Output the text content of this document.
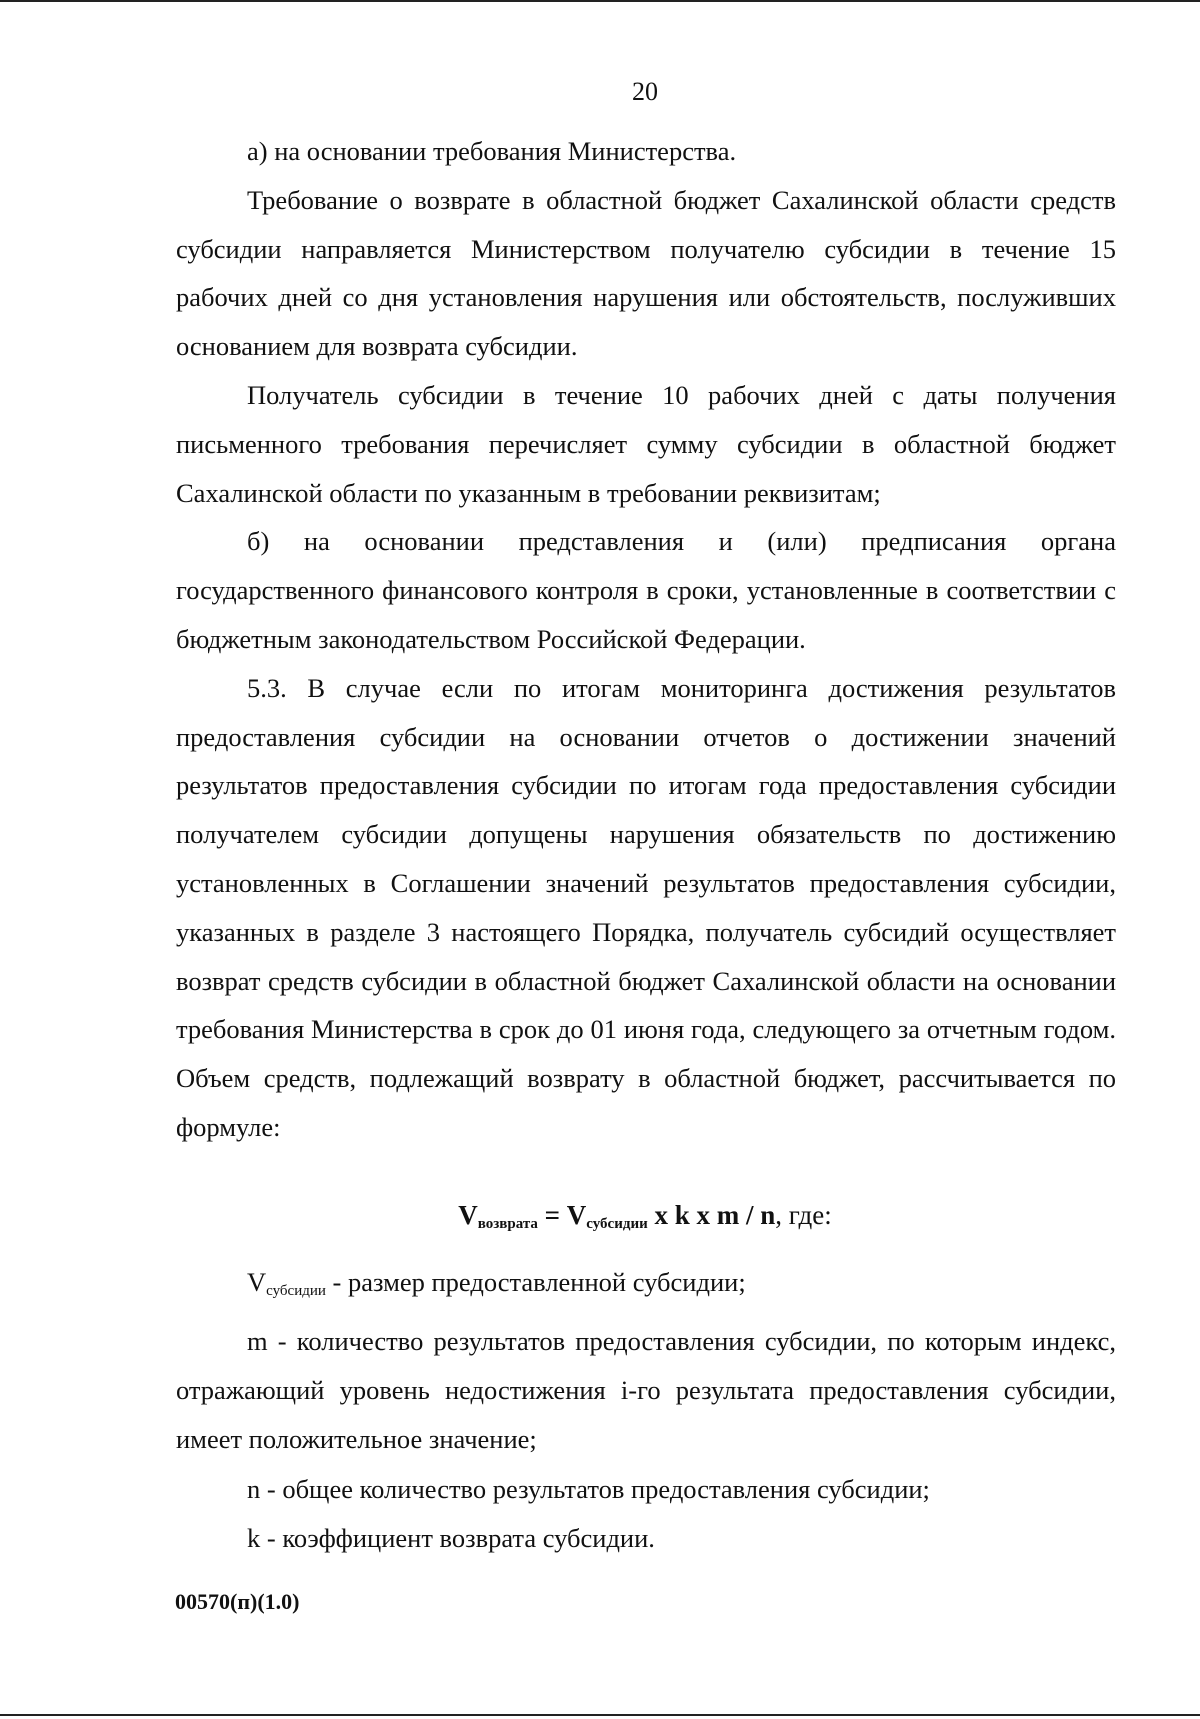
20

а) на основании требования Министерства.

Требование о возврате в областной бюджет Сахалинской области средств субсидии направляется Министерством получателю субсидии в течение 15 рабочих дней со дня установления нарушения или обстоятельств, послуживших основанием для возврата субсидии.

Получатель субсидии в течение 10 рабочих дней с даты получения письменного требования перечисляет сумму субсидии в областной бюджет Сахалинской области по указанным в требовании реквизитам;

б) на основании представления и (или) предписания органа государственного финансового контроля в сроки, установленные в соответствии с бюджетным законодательством Российской Федерации.

5.3. В случае если по итогам мониторинга достижения результатов предоставления субсидии на основании отчетов о достижении значений результатов предоставления субсидии по итогам года предоставления субсидии получателем субсидии допущены нарушения обязательств по достижению установленных в Соглашении значений результатов предоставления субсидии, указанных в разделе 3 настоящего Порядка, получатель субсидий осуществляет возврат средств субсидии в областной бюджет Сахалинской области на основании требования Министерства в срок до 01 июня года, следующего за отчетным годом. Объем средств, подлежащий возврату в областной бюджет, рассчитывается по формуле:

$V_{возврата} = V_{субсидии}$ x k x m / n, где:

$V_{субсидии}$ - размер предоставленной субсидии;

m - количество результатов предоставления субсидии, по которым индекс, отражающий уровень недостижения i-го результата предоставления субсидии, имеет положительное значение;

n - общее количество результатов предоставления субсидии;

k - коэффициент возврата субсидии.

00570(п)(1.0)
